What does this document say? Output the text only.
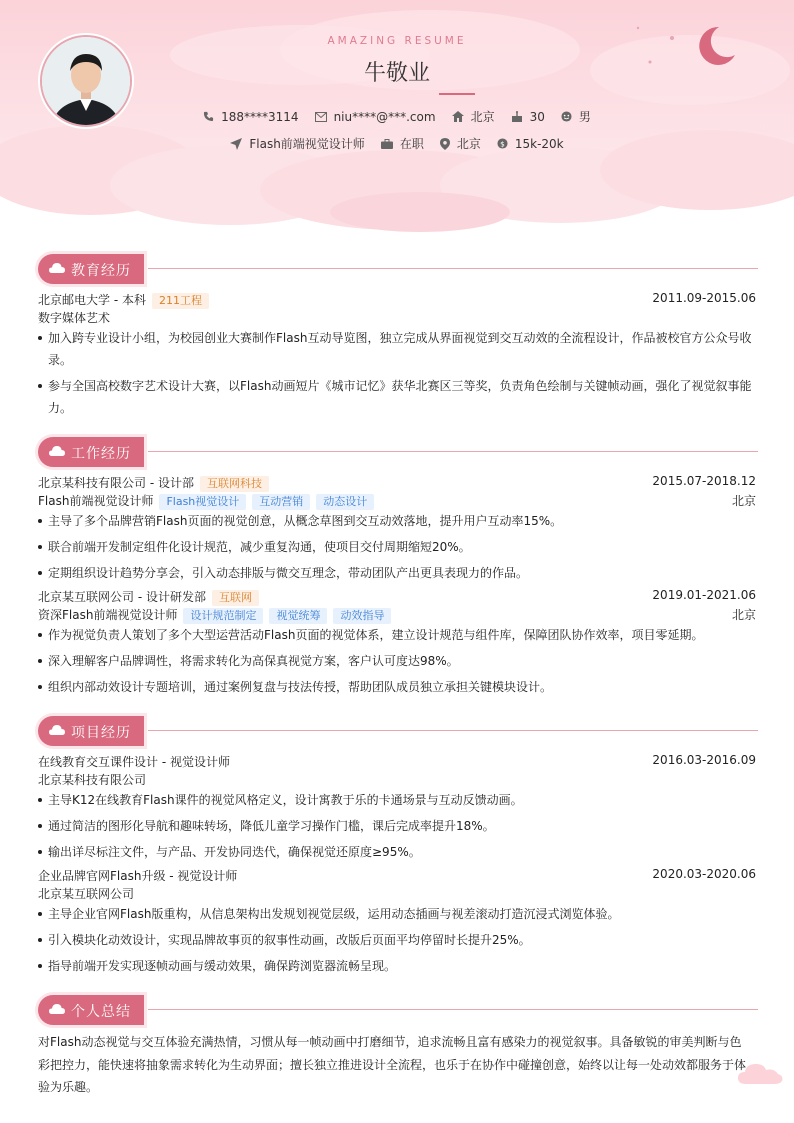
AMAZING RESUME
牛敬业
188****3114	niu****@***.com	北京	30	男
Flash前端视觉设计师	在职	北京 $ 15k-20k
教育经历
北京邮电大学 - 本科 211工程	2011.09-2015.06
数字媒体艺术
加入跨专业设计小组，为校园创业大赛制作Flash互动导览图，独立完成从界面视觉到交互动效的全流程设计，作品被校官方公众号收录。
参与全国高校数字艺术设计大赛，以Flash动画短片《城市记忆》获华北赛区三等奖，负责角色绘制与关键帧动画，强化了视觉叙事能力。
工作经历
北京某科技有限公司 - 设计部 互联网科技	2015.07-2018.12
Flash前端视觉设计师 Flash视觉设计 互动营销 动态设计	北京
主导了多个品牌营销Flash页面的视觉创意，从概念草图到交互动效落地，提升用户互动率15%。
联合前端开发制定组件化设计规范，减少重复沟通，使项目交付周期缩短20%。
定期组织设计趋势分享会，引入动态排版与微交互理念，带动团队产出更具表现力的作品。
北京某互联网公司 - 设计研发部 互联网	2019.01-2021.06
资深Flash前端视觉设计师 设计规范制定 视觉统筹 动效指导	北京
作为视觉负责人策划了多个大型运营活动Flash页面的视觉体系，建立设计规范与组件库，保障团队协作效率，项目零延期。
深入理解客户品牌调性，将需求转化为高保真视觉方案，客户认可度达98%。
组织内部动效设计专题培训，通过案例复盘与技法传授，帮助团队成员独立承担关键模块设计。
项目经历
在线教育交互课件设计 - 视觉设计师	2016.03-2016.09
北京某科技有限公司
主导K12在线教育Flash课件的视觉风格定义，设计寓教于乐的卡通场景与互动反馈动画。
通过简洁的图形化导航和趣味转场，降低儿童学习操作门槛，课后完成率提升18%。
输出详尽标注文件，与产品、开发协同迭代，确保视觉还原度≥95%。
企业品牌官网Flash升级 - 视觉设计师	2020.03-2020.06
北京某互联网公司
主导企业官网Flash版重构，从信息架构出发规划视觉层级，运用动态插画与视差滚动打造沉浸式浏览体验。
引入模块化动效设计，实现品牌故事页的叙事性动画，改版后页面平均停留时长提升25%。
指导前端开发实现逐帧动画与缓动效果，确保跨浏览器流畅呈现。
个人总结
对Flash动态视觉与交互体验充满热情，习惯从每一帧动画中打磨细节，追求流畅且富有感染力的视觉叙事。具备敏锐的审美判断与色彩把控力，能快速将抽象需求转化为生动界面；擅长独立推进设计全流程，也乐于在协作中碰撞创意，始终以让每一处动效都服务于体验为乐趣。
